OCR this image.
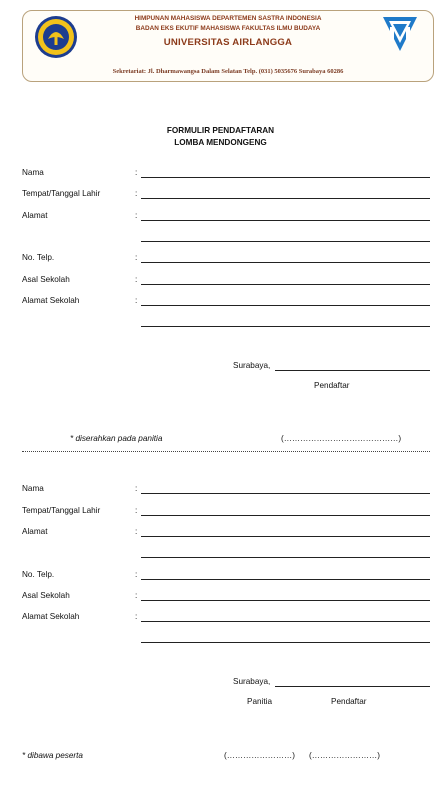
HIMPUNAN MAHASISWA DEPARTEMEN SASTRA INDONESIA
BADAN EKS EKUTIF MAHASISWA FAKULTAS ILMU BUDAYA
UNIVERSITAS AIRLANGGA
Sekretariat: Jl. Dharmawangsa Dalam Selatan Telp. (031) 5035676 Surabaya 60286
FORMULIR PENDAFTARAN
LOMBA MENDONGENG
Nama	:
Tempat/Tanggal Lahir	:
Alamat	:
No. Telp.	:
Asal Sekolah	:
Alamat Sekolah	:
Surabaya,
Pendaftar
* diserahkan pada panitia	(……………………………………)
Nama	:
Tempat/Tanggal Lahir	:
Alamat	:
No. Telp.	:
Asal Sekolah	:
Alamat Sekolah	:
Surabaya,
Panitia	Pendaftar
* dibawa peserta	(……………………) (……………………)
